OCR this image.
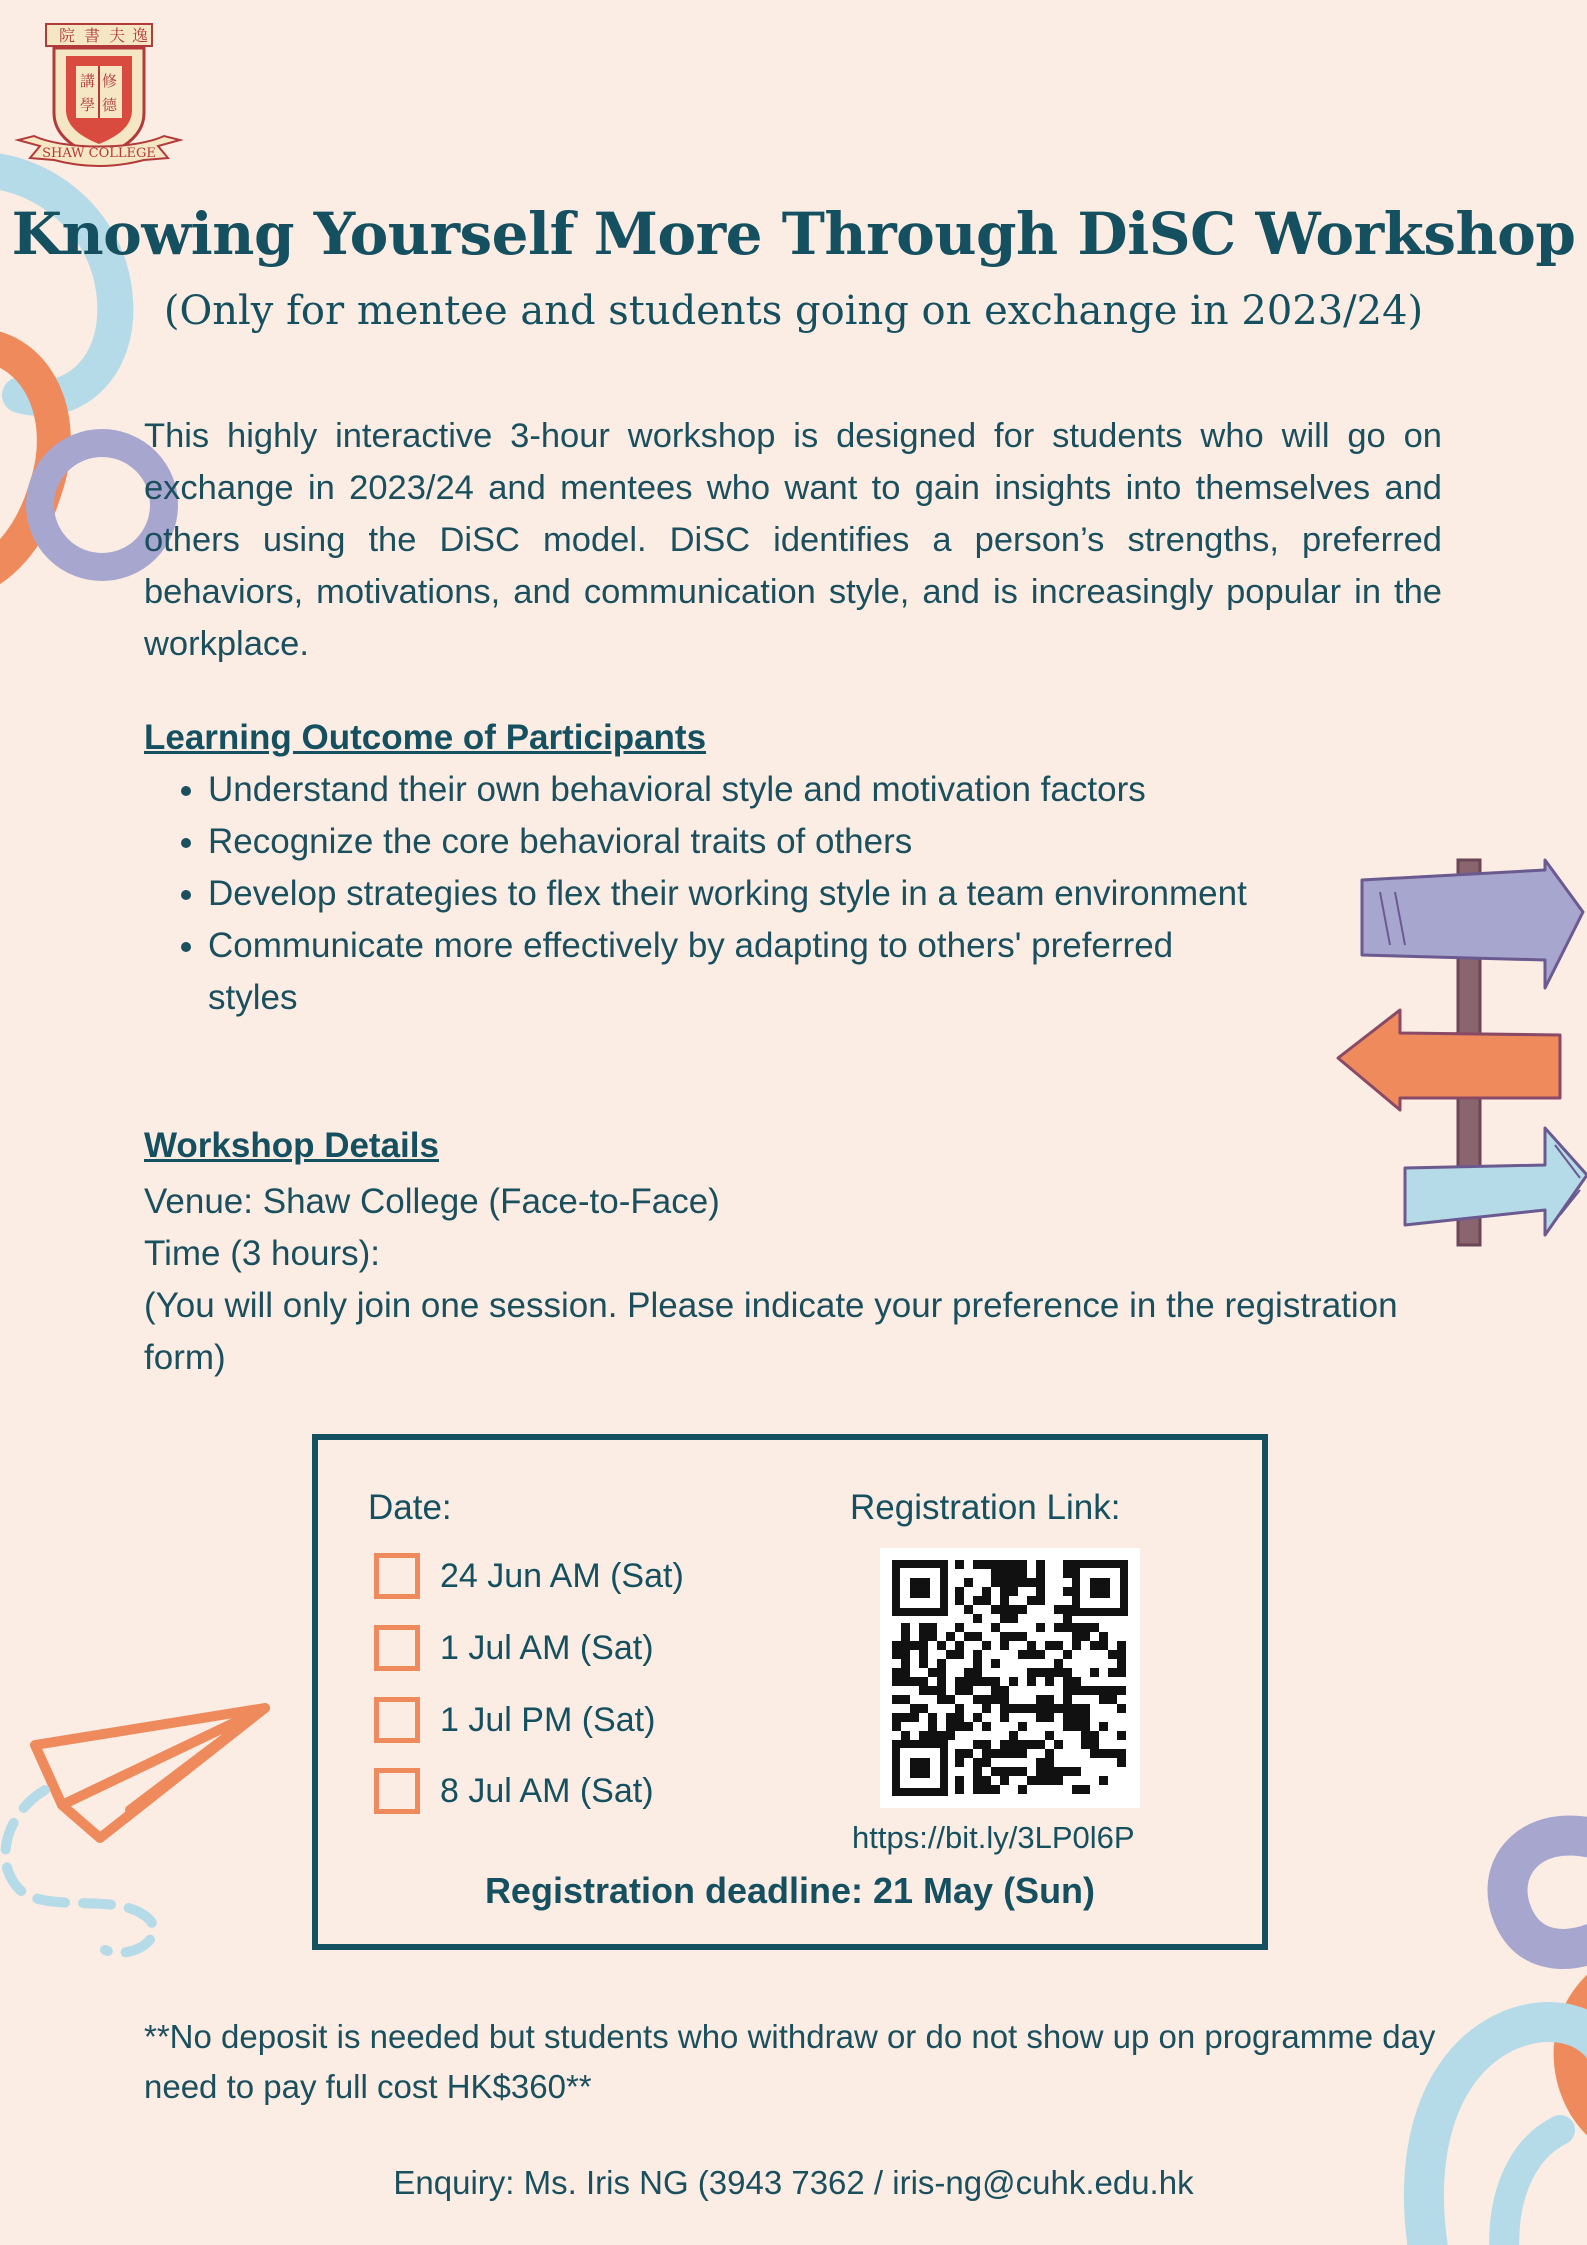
院 書 夫 逸
修
德
講
學
SHAW COLLEGE
Knowing Yourself More Through DiSC Workshop
(Only for mentee and students going on exchange in 2023/24)
This highly interactive 3-hour workshop is designed for students who will go on exchange in 2023/24 and mentees who want to gain insights into themselves and others using the DiSC model. DiSC identifies a person’s strengths, preferred behaviors, motivations, and communication style, and is increasingly popular in the workplace.
Learning Outcome of Participants
• Understand their own behavioral style and motivation factors
• Recognize the core behavioral traits of others
• Develop strategies to flex their working style in a team environment
• Communicate more effectively by adapting to others' preferred styles
Workshop Details
Venue: Shaw College (Face-to-Face)
Time (3 hours):
(You will only join one session. Please indicate your preference in the registration form)
Date:
24 Jun AM (Sat)
1 Jul AM (Sat)
1 Jul PM (Sat)
8 Jul AM (Sat)
Registration Link:
https://bit.ly/3LP0l6P
Registration deadline: 21 May (Sun)
**No deposit is needed but students who withdraw or do not show up on programme day need to pay full cost HK$360**
Enquiry: Ms. Iris NG (3943 7362 / iris-ng@cuhk.edu.hk
